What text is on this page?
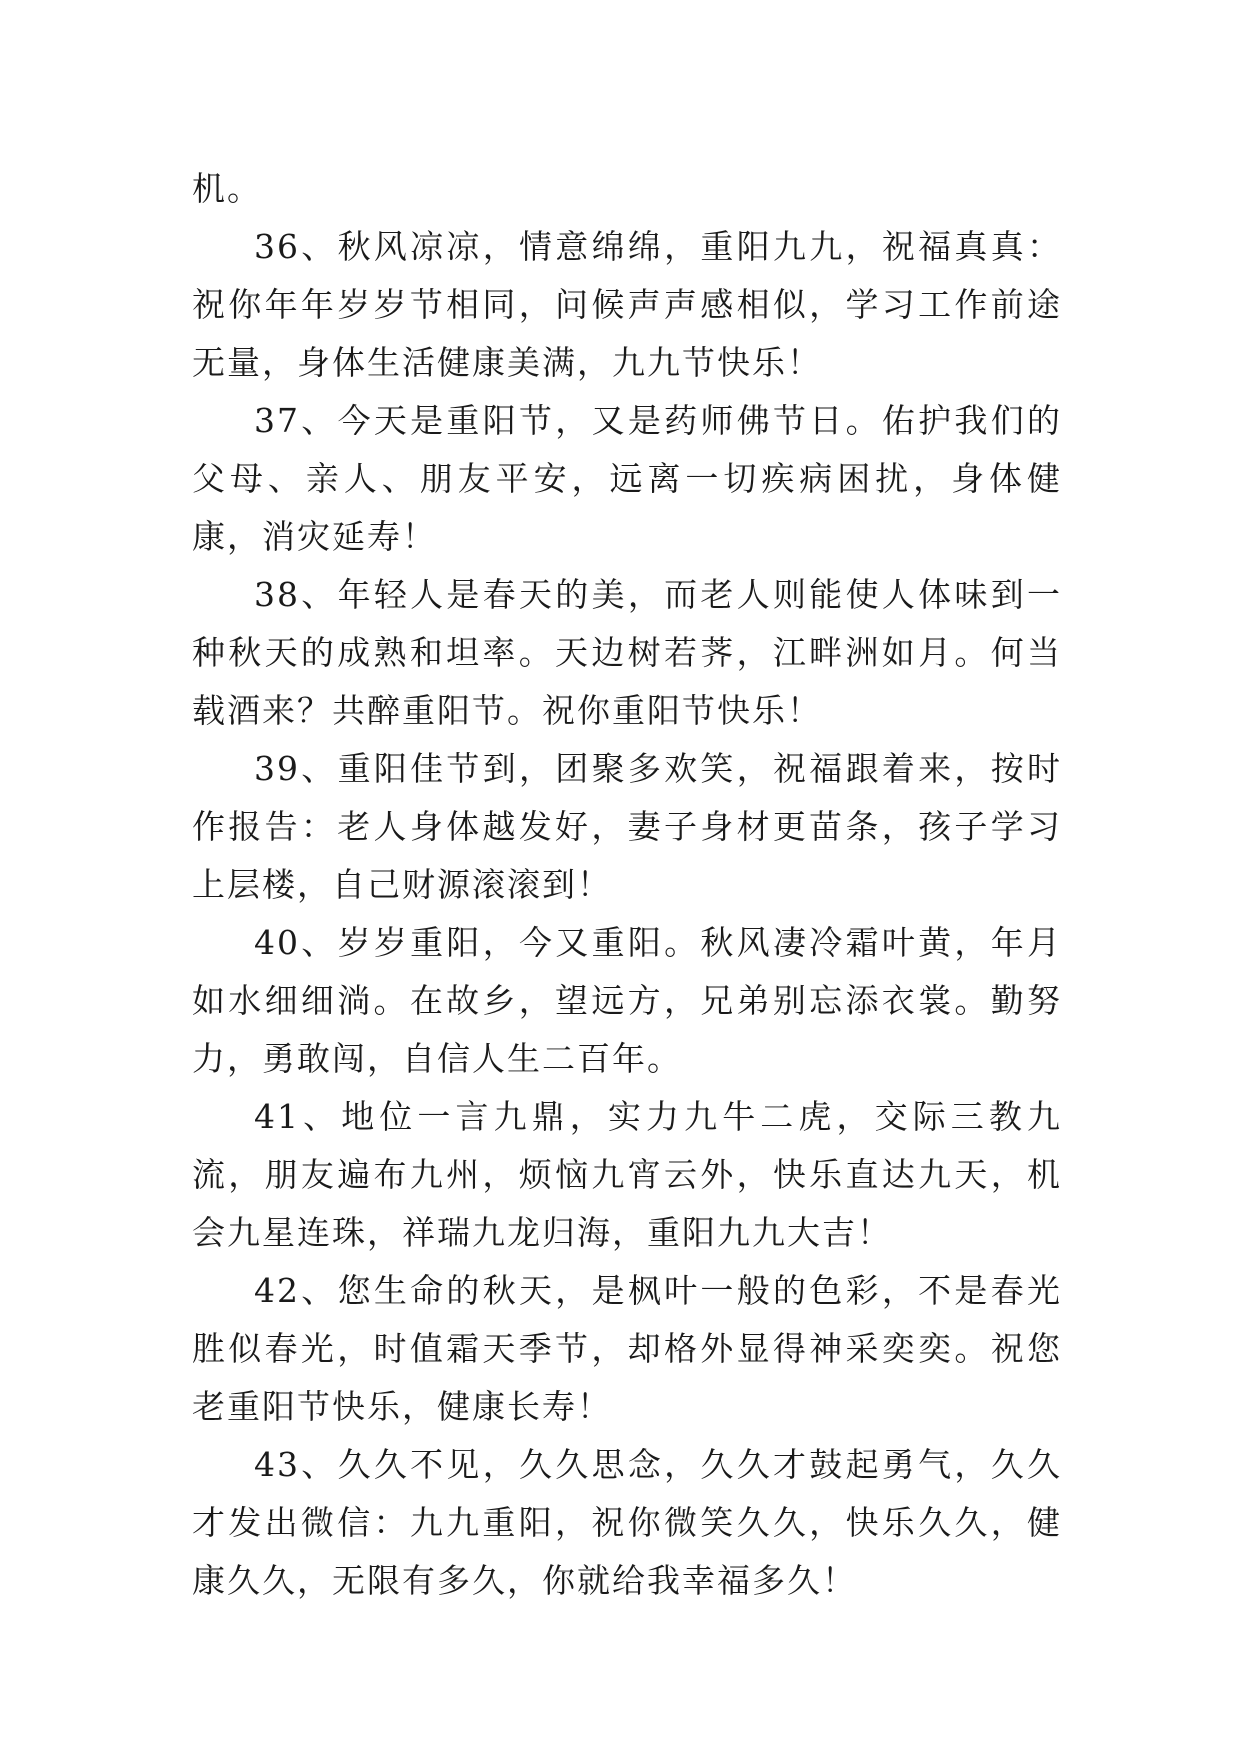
机。

36、秋风凉凉，情意绵绵，重阳九九，祝福真真：祝你年年岁岁节相同，问候声声感相似，学习工作前途无量，身体生活健康美满，九九节快乐！

37、今天是重阳节，又是药师佛节日。佑护我们的父母、亲人、朋友平安，远离一切疾病困扰，身体健康，消灾延寿！

38、年轻人是春天的美，而老人则能使人体味到一种秋天的成熟和坦率。天边树若荠，江畔洲如月。何当载酒来？共醉重阳节。祝你重阳节快乐！

39、重阳佳节到，团聚多欢笑，祝福跟着来，按时作报告：老人身体越发好，妻子身材更苗条，孩子学习上层楼，自己财源滚滚到！

40、岁岁重阳，今又重阳。秋风凄冷霜叶黄，年月如水细细淌。在故乡，望远方，兄弟别忘添衣裳。勤努力，勇敢闯，自信人生二百年。

41、地位一言九鼎，实力九牛二虎，交际三教九流，朋友遍布九州，烦恼九宵云外，快乐直达九天，机会九星连珠，祥瑞九龙归海，重阳九九大吉！

42、您生命的秋天，是枫叶一般的色彩，不是春光胜似春光，时值霜天季节，却格外显得神采奕奕。祝您老重阳节快乐，健康长寿！

43、久久不见，久久思念，久久才鼓起勇气，久久才发出微信：九九重阳，祝你微笑久久，快乐久久，健康久久，无限有多久，你就给我幸福多久！
